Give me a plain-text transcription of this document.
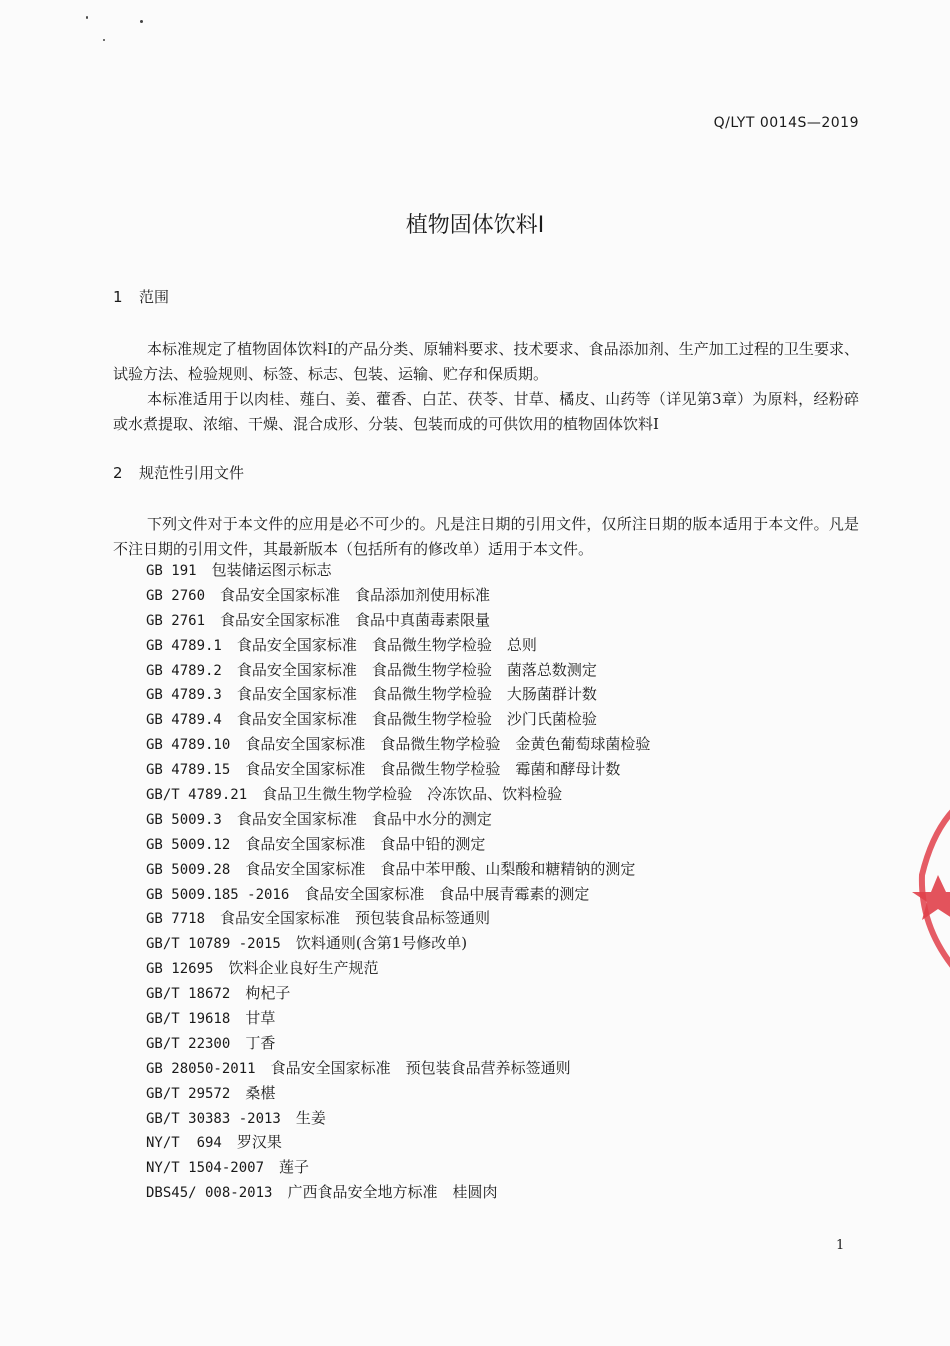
Q/LYT 0014S—2019
植物固体饮料Ⅰ
1 范围

本标准规定了植物固体饮料Ⅰ的产品分类、原辅料要求、技术要求、食品添加剂、生产加工过程的卫生要求、试验方法、检验规则、标签、标志、包装、运输、贮存和保质期。

本标准适用于以肉桂、薤白、姜、藿香、白芷、茯苓、甘草、橘皮、山药等（详见第3章）为原料，经粉碎或水煮提取、浓缩、干燥、混合成形、分装、包装而成的可供饮用的植物固体饮料Ⅰ

2 规范性引用文件

下列文件对于本文件的应用是必不可少的。凡是注日期的引用文件，仅所注日期的版本适用于本文件。凡是不注日期的引用文件，其最新版本（包括所有的修改单）适用于本文件。

GB 191　 包装储运图示标志
GB 2760　 食品安全国家标准　食品添加剂使用标准
GB 2761　 食品安全国家标准　食品中真菌毒素限量
GB 4789.1　 食品安全国家标准　食品微生物学检验　总则
GB 4789.2　 食品安全国家标准　食品微生物学检验　菌落总数测定
GB 4789.3　 食品安全国家标准　食品微生物学检验　大肠菌群计数
GB 4789.4　 食品安全国家标准　食品微生物学检验　沙门氏菌检验
GB 4789.10　 食品安全国家标准　食品微生物学检验　金黄色葡萄球菌检验
GB 4789.15　 食品安全国家标准　食品微生物学检验　霉菌和酵母计数
GB/T 4789.21　 食品卫生微生物学检验　冷冻饮品、饮料检验
GB 5009.3　 食品安全国家标准　食品中水分的测定
GB 5009.12　 食品安全国家标准　食品中铅的测定
GB 5009.28　 食品安全国家标准　食品中苯甲酸、山梨酸和糖精钠的测定
GB 5009.185 -2016　 食品安全国家标准　食品中展青霉素的测定
GB 7718　 食品安全国家标准　预包装食品标签通则
GB/T 10789 -2015　 饮料通则(含第1号修改单)
GB 12695　 饮料企业良好生产规范
GB/T 18672　 枸杞子
GB/T 19618　 甘草
GB/T 22300　 丁香
GB 28050-2011　 食品安全国家标准　预包装食品营养标签通则
GB/T 29572　 桑椹
GB/T 30383 -2013　 生姜
NY/T  694　 罗汉果
NY/T 1504-2007　 莲子
DBS45/ 008-2013　 广西食品安全地方标准　桂圆肉
1
